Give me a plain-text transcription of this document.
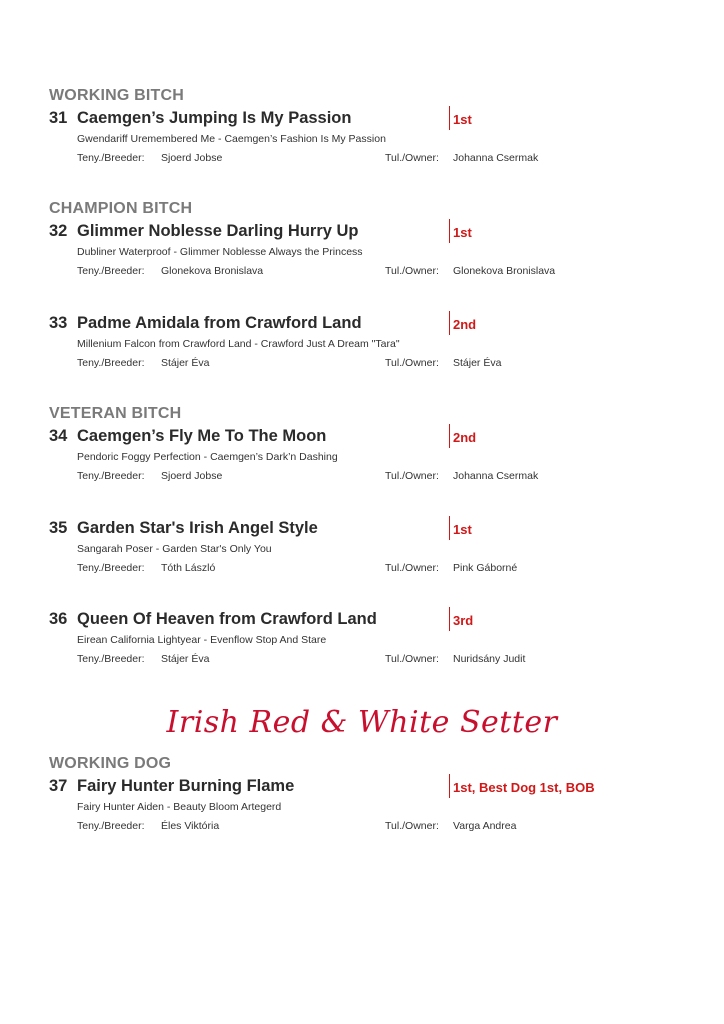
WORKING BITCH
31 Caemgen’s Jumping Is My Passion	1st
Gwendariff Uremembered Me - Caemgen’s Fashion Is My Passion
Teny./Breeder: Sjoerd Jobse	Tul./Owner: Johanna Csermak
CHAMPION BITCH
32 Glimmer Noblesse Darling Hurry Up	1st
Dubliner Waterproof - Glimmer Noblesse Always the Princess
Teny./Breeder: Glonekova Bronislava	Tul./Owner: Glonekova Bronislava
33 Padme Amidala from Crawford Land	2nd
Millenium Falcon from Crawford Land - Crawford Just A Dream "Tara"
Teny./Breeder: Stájer Éva	Tul./Owner: Stájer Éva
VETERAN BITCH
34 Caemgen’s Fly Me To The Moon	2nd
Pendoric Foggy Perfection - Caemgen’s Dark’n Dashing
Teny./Breeder: Sjoerd Jobse	Tul./Owner: Johanna Csermak
35 Garden Star's Irish Angel Style	1st
Sangarah Poser - Garden Star's Only You
Teny./Breeder: Tóth László	Tul./Owner: Pink Gáborné
36 Queen Of Heaven from Crawford Land	3rd
Eirean California Lightyear - Evenflow Stop And Stare
Teny./Breeder: Stájer Éva	Tul./Owner: Nuridsány Judit
Irish Red & White Setter
WORKING DOG
37 Fairy Hunter Burning Flame	1st, Best Dog 1st, BOB
Fairy Hunter Aiden - Beauty Bloom Artegerd
Teny./Breeder: Éles Viktória	Tul./Owner: Varga Andrea
